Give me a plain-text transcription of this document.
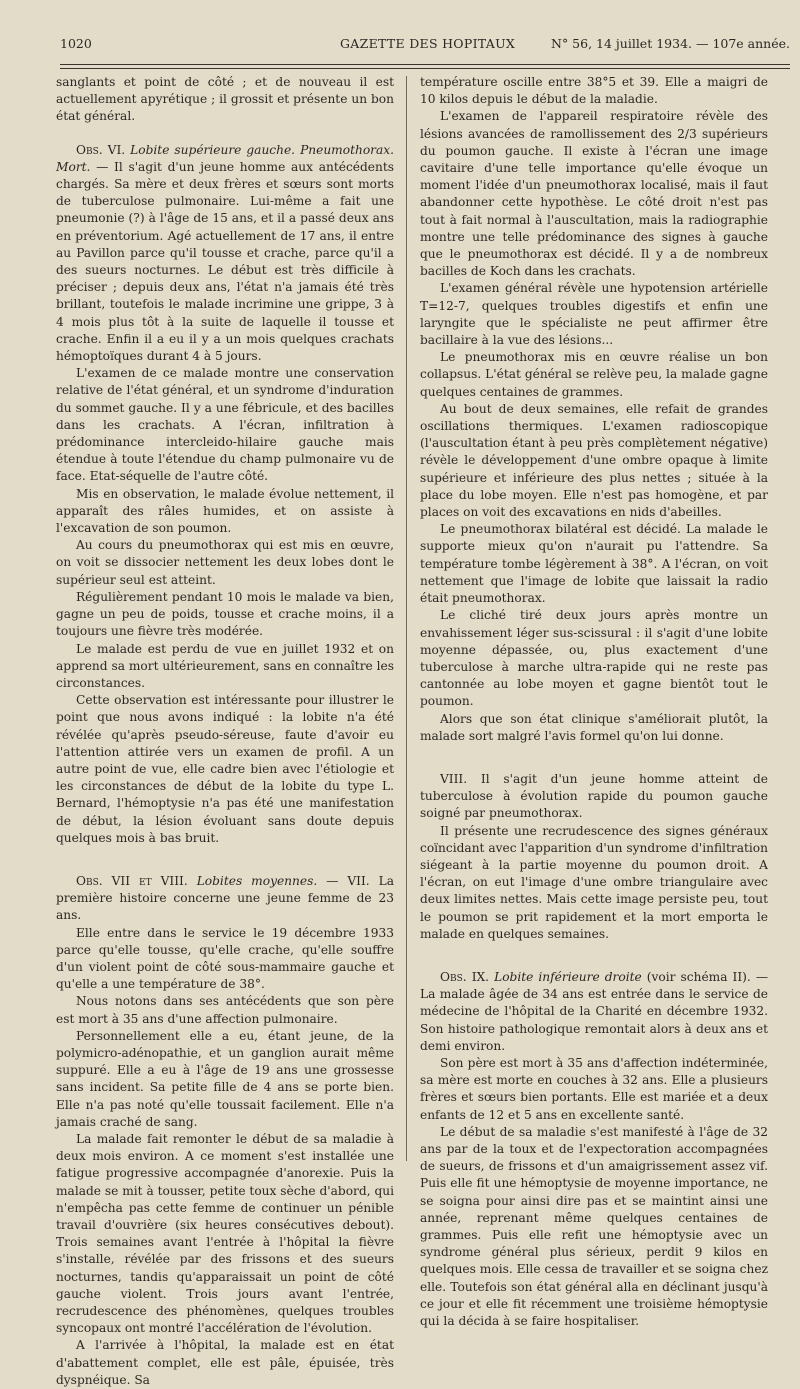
1020	GAZETTE DES HOPITAUX	N° 56, 14 juillet 1934. — 107e année.

sanglants et point de côté ; et de nouveau il est actuellement apyrétique ; il grossit et présente un bon état général.

Obs. VI. Lobite supérieure gauche. Pneumothorax. Mort. — Il s'agit d'un jeune homme aux antécédents chargés. Sa mère et deux frères et sœurs sont morts de tuberculose pulmonaire. Lui-même a fait une pneumonie (?) à l'âge de 15 ans, et il a passé deux ans en préventorium. Agé actuellement de 17 ans, il entre au Pavillon parce qu'il tousse et crache, parce qu'il a des sueurs nocturnes. Le début est très difficile à préciser ; depuis deux ans, l'état n'a jamais été très brillant, toutefois le malade incrimine une grippe, 3 à 4 mois plus tôt à la suite de laquelle il tousse et crache. Enfin il a eu il y a un mois quelques crachats hémoptoïques durant 4 à 5 jours.

L'examen de ce malade montre une conservation relative de l'état général, et un syndrome d'induration du sommet gauche. Il y a une fébricule, et des bacilles dans les crachats. A l'écran, infiltration à prédominance intercleido-hilaire gauche mais étendue à toute l'étendue du champ pulmonaire vu de face. Etat-séquelle de l'autre côté.

Mis en observation, le malade évolue nettement, il apparaît des râles humides, et on assiste à l'excavation de son poumon.

Au cours du pneumothorax qui est mis en œuvre, on voit se dissocier nettement les deux lobes dont le supérieur seul est atteint.

Régulièrement pendant 10 mois le malade va bien, gagne un peu de poids, tousse et crache moins, il a toujours une fièvre très modérée.

Le malade est perdu de vue en juillet 1932 et on apprend sa mort ultérieurement, sans en connaître les circonstances.

Cette observation est intéressante pour illustrer le point que nous avons indiqué : la lobite n'a été révélée qu'après pseudo-séreuse, faute d'avoir eu l'attention attirée vers un examen de profil. A un autre point de vue, elle cadre bien avec l'étiologie et les circonstances de début de la lobite du type L. Bernard, l'hémoptysie n'a pas été une manifestation de début, la lésion évoluant sans doute depuis quelques mois à bas bruit.

Obs. VII et VIII. Lobites moyennes. — VII. La première histoire concerne une jeune femme de 23 ans.

Elle entre dans le service le 19 décembre 1933 parce qu'elle tousse, qu'elle crache, qu'elle souffre d'un violent point de côté sous-mammaire gauche et qu'elle a une température de 38°.

Nous notons dans ses antécédents que son père est mort à 35 ans d'une affection pulmonaire.

Personnellement elle a eu, étant jeune, de la polymicro-adénopathie, et un ganglion aurait même suppuré. Elle a eu à l'âge de 19 ans une grossesse sans incident. Sa petite fille de 4 ans se porte bien. Elle n'a pas noté qu'elle toussait facilement. Elle n'a jamais craché de sang.

La malade fait remonter le début de sa maladie à deux mois environ. A ce moment s'est installée une fatigue progressive accompagnée d'anorexie. Puis la malade se mit à tousser, petite toux sèche d'abord, qui n'empêcha pas cette femme de continuer un pénible travail d'ouvrière (six heures consécutives debout). Trois semaines avant l'entrée à l'hôpital la fièvre s'installe, révélée par des frissons et des sueurs nocturnes, tandis qu'apparaissait un point de côté gauche violent. Trois jours avant l'entrée, recrudescence des phénomènes, quelques troubles syncopaux ont montré l'accélération de l'évolution.

A l'arrivée à l'hôpital, la malade est en état d'abattement complet, elle est pâle, épuisée, très dyspnéique. Sa

température oscille entre 38°5 et 39. Elle a maigri de 10 kilos depuis le début de la maladie.

L'examen de l'appareil respiratoire révèle des lésions avancées de ramollissement des 2/3 supérieurs du poumon gauche. Il existe à l'écran une image cavitaire d'une telle importance qu'elle évoque un moment l'idée d'un pneumothorax localisé, mais il faut abandonner cette hypothèse. Le côté droit n'est pas tout à fait normal à l'auscultation, mais la radiographie montre une telle prédominance des signes à gauche que le pneumothorax est décidé. Il y a de nombreux bacilles de Koch dans les crachats.

L'examen général révèle une hypotension artérielle T=12-7, quelques troubles digestifs et enfin une laryngite que le spécialiste ne peut affirmer être bacillaire à la vue des lésions...

Le pneumothorax mis en œuvre réalise un bon collapsus. L'état général se relève peu, la malade gagne quelques centaines de grammes.

Au bout de deux semaines, elle refait de grandes oscillations thermiques. L'examen radioscopique (l'auscultation étant à peu près complètement négative) révèle le développement d'une ombre opaque à limite supérieure et inférieure des plus nettes ; située à la place du lobe moyen. Elle n'est pas homogène, et par places on voit des excavations en nids d'abeilles.

Le pneumothorax bilatéral est décidé. La malade le supporte mieux qu'on n'aurait pu l'attendre. Sa température tombe légèrement à 38°. A l'écran, on voit nettement que l'image de lobite que laissait la radio était pneumothorax.

Le cliché tiré deux jours après montre un envahissement léger sus-scissural : il s'agit d'une lobite moyenne dépassée, ou, plus exactement d'une tuberculose à marche ultra-rapide qui ne reste pas cantonnée au lobe moyen et gagne bientôt tout le poumon.

Alors que son état clinique s'améliorait plutôt, la malade sort malgré l'avis formel qu'on lui donne.

VIII. Il s'agit d'un jeune homme atteint de tuberculose à évolution rapide du poumon gauche soigné par pneumothorax.

Il présente une recrudescence des signes généraux coïncidant avec l'apparition d'un syndrome d'infiltration siégeant à la partie moyenne du poumon droit. A l'écran, on eut l'image d'une ombre triangulaire avec deux limites nettes. Mais cette image persiste peu, tout le poumon se prit rapidement et la mort emporta le malade en quelques semaines.

Obs. IX. Lobite inférieure droite (voir schéma II). — La malade âgée de 34 ans est entrée dans le service de médecine de l'hôpital de la Charité en décembre 1932. Son histoire pathologique remontait alors à deux ans et demi environ.

Son père est mort à 35 ans d'affection indéterminée, sa mère est morte en couches à 32 ans. Elle a plusieurs frères et sœurs bien portants. Elle est mariée et a deux enfants de 12 et 5 ans en excellente santé.

Le début de sa maladie s'est manifesté à l'âge de 32 ans par de la toux et de l'expectoration accompagnées de sueurs, de frissons et d'un amaigrissement assez vif. Puis elle fit une hémoptysie de moyenne importance, ne se soigna pour ainsi dire pas et se maintint ainsi une année, reprenant même quelques centaines de grammes. Puis elle refit une hémoptysie avec un syndrome général plus sérieux, perdit 9 kilos en quelques mois. Elle cessa de travailler et se soigna chez elle. Toutefois son état général alla en déclinant jusqu'à ce jour et elle fit récemment une troisième hémoptysie qui la décida à se faire hospitaliser.
